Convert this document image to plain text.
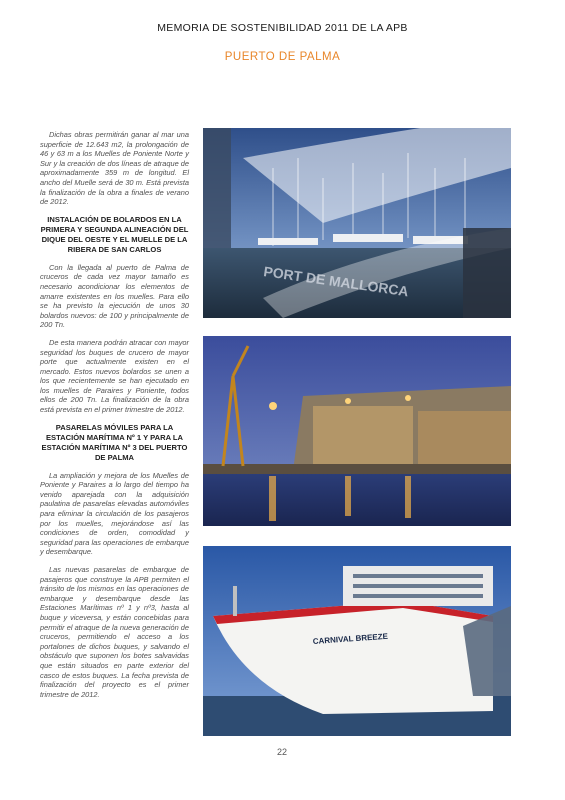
MEMORIA DE SOSTENIBILIDAD 2011 DE LA APB
PUERTO DE PALMA

Dichas obras permitirán ganar al mar una superficie de 12.643 m2, la prolongación de 46 y 63 m a los Muelles de Poniente Norte y Sur y la creación de dos líneas de atraque de aproximadamente 359 m de longitud. El ancho del Muelle será de 30 m. Está prevista la finalización de la obra a finales de verano de 2012.

INSTALACIÓN DE BOLARDOS EN LA PRIMERA Y SEGUNDA ALINEACIÓN DEL DIQUE DEL OESTE Y EL MUELLE DE LA RIBERA DE SAN CARLOS

Con la llegada al puerto de Palma de cruceros de cada vez mayor tamaño es necesario acondicionar los elementos de amarre existentes en los muelles. Para ello se ha previsto la ejecución de unos 30 bolardos nuevos: de 100 y principalmente de 200 Tn.

De esta manera podrán atracar con mayor seguridad los buques de crucero de mayor porte que actualmente existen en el mercado. Estos nuevos bolardos se unen a los que recientemente se han ejecutado en los muelles de Paraires y Poniente, todos ellos de 200 Tn. La finalización de la obra está prevista en el primer trimestre de 2012.

PASARELAS MÓVILES PARA LA ESTACIÓN MARÍTIMA Nº 1 Y PARA LA ESTACIÓN MARÍTIMA Nº 3 DEL PUERTO DE PALMA

La ampliación y mejora de los Muelles de Poniente y Paraires a lo largo del tiempo ha venido aparejada con la adquisición paulatina de pasarelas elevadas automóviles para eliminar la circulación de los pasajeros por los muelles, mejorándose así las condiciones de orden, comodidad y seguridad para las operaciones de embarque y desembarque.

Las nuevas pasarelas de embarque de pasajeros que construye la APB permiten el tránsito de los mismos en las operaciones de embarque y desembarque desde las Estaciones Marítimas nº 1 y nº3, hasta al buque y viceversa, y están concebidas para permitir el atraque de la nueva generación de cruceros, permitiendo el acceso a los portalones de dichos buques, y salvando el obstáculo que suponen los botes salvavidas que están situados en parte exterior del casco de estos buques. La fecha prevista de finalización del proyecto es el primer trimestre de 2012.

PORT DE MALLORCA
CARNIVAL BREEZE
22
